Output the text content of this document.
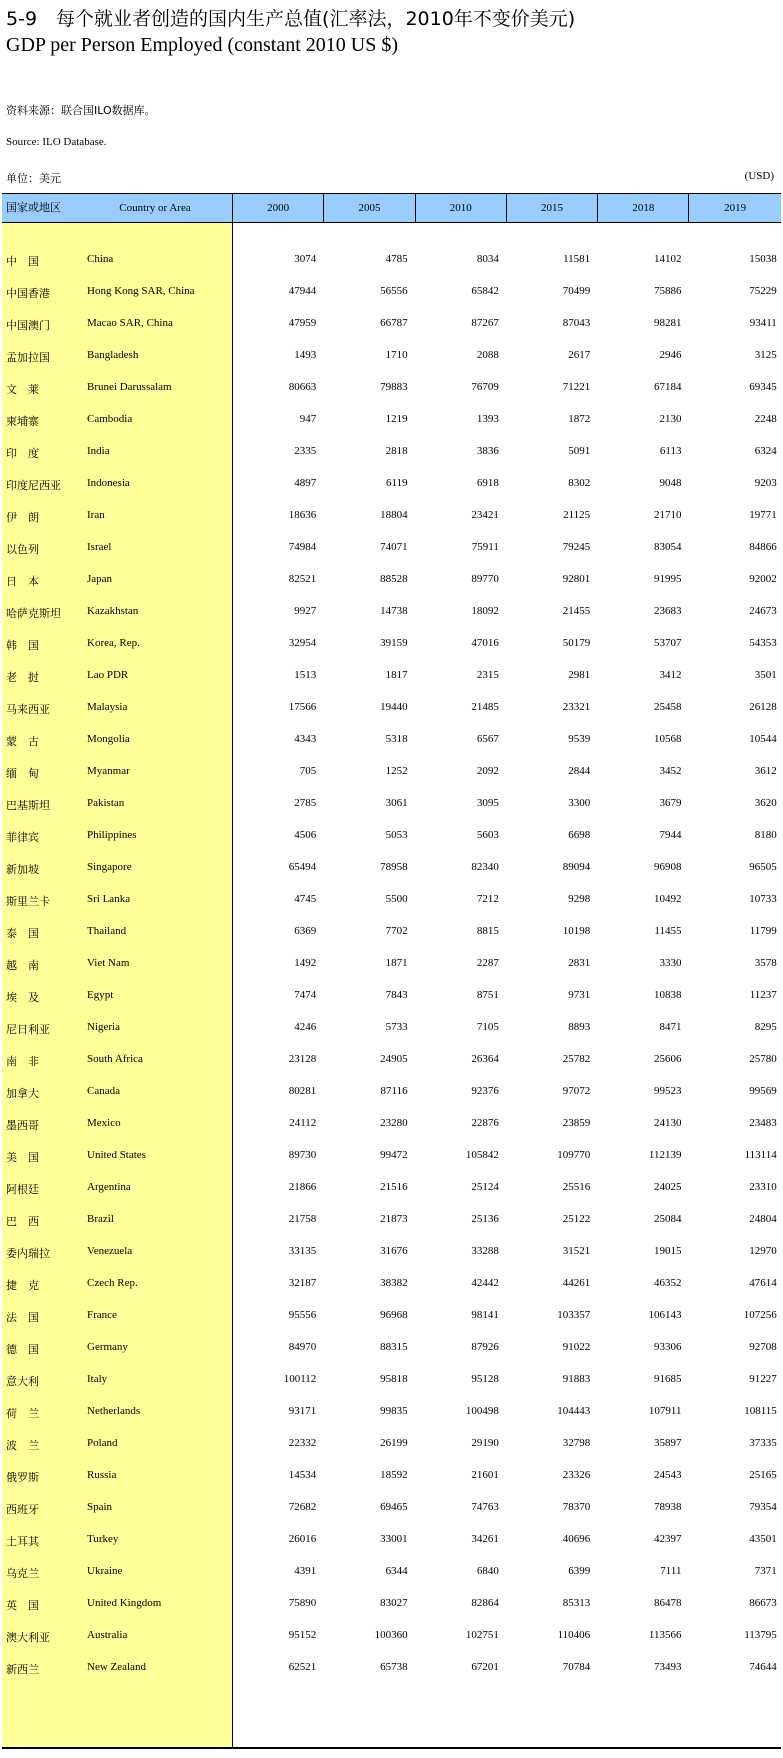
5-9　每个就业者创造的国内生产总值(汇率法，2010年不变价美元)
GDP per Person Employed (constant 2010 US $)
资料来源：联合国ILO数据库。
Source: ILO Database.
单位：美元	(USD)
国家或地区	Country or Area	2000	2005	2010	2015	2018	2019
中　国	China	3074	4785	8034	11581	14102	15038
中国香港	Hong Kong SAR, China	47944	56556	65842	70499	75886	75229
中国澳门	Macao SAR, China	47959	66787	87267	87043	98281	93411
孟加拉国	Bangladesh	1493	1710	2088	2617	2946	3125
文　莱	Brunei Darussalam	80663	79883	76709	71221	67184	69345
柬埔寨	Cambodia	947	1219	1393	1872	2130	2248
印　度	India	2335	2818	3836	5091	6113	6324
印度尼西亚	Indonesia	4897	6119	6918	8302	9048	9203
伊　朗	Iran	18636	18804	23421	21125	21710	19771
以色列	Israel	74984	74071	75911	79245	83054	84866
日　本	Japan	82521	88528	89770	92801	91995	92002
哈萨克斯坦	Kazakhstan	9927	14738	18092	21455	23683	24673
韩　国	Korea, Rep.	32954	39159	47016	50179	53707	54353
老　挝	Lao PDR	1513	1817	2315	2981	3412	3501
马来西亚	Malaysia	17566	19440	21485	23321	25458	26128
蒙　古	Mongolia	4343	5318	6567	9539	10568	10544
缅　甸	Myanmar	705	1252	2092	2844	3452	3612
巴基斯坦	Pakistan	2785	3061	3095	3300	3679	3620
菲律宾	Philippines	4506	5053	5603	6698	7944	8180
新加坡	Singapore	65494	78958	82340	89094	96908	96505
斯里兰卡	Sri Lanka	4745	5500	7212	9298	10492	10733
泰　国	Thailand	6369	7702	8815	10198	11455	11799
越　南	Viet Nam	1492	1871	2287	2831	3330	3578
埃　及	Egypt	7474	7843	8751	9731	10838	11237
尼日利亚	Nigeria	4246	5733	7105	8893	8471	8295
南　非	South Africa	23128	24905	26364	25782	25606	25780
加拿大	Canada	80281	87116	92376	97072	99523	99569
墨西哥	Mexico	24112	23280	22876	23859	24130	23483
美　国	United States	89730	99472	105842	109770	112139	113114
阿根廷	Argentina	21866	21516	25124	25516	24025	23310
巴　西	Brazil	21758	21873	25136	25122	25084	24804
委内瑞拉	Venezuela	33135	31676	33288	31521	19015	12970
捷　克	Czech Rep.	32187	38382	42442	44261	46352	47614
法　国	France	95556	96968	98141	103357	106143	107256
德　国	Germany	84970	88315	87926	91022	93306	92708
意大利	Italy	100112	95818	95128	91883	91685	91227
荷　兰	Netherlands	93171	99835	100498	104443	107911	108115
波　兰	Poland	22332	26199	29190	32798	35897	37335
俄罗斯	Russia	14534	18592	21601	23326	24543	25165
西班牙	Spain	72682	69465	74763	78370	78938	79354
土耳其	Turkey	26016	33001	34261	40696	42397	43501
乌克兰	Ukraine	4391	6344	6840	6399	7111	7371
英　国	United Kingdom	75890	83027	82864	85313	86478	86673
澳大利亚	Australia	95152	100360	102751	110406	113566	113795
新西兰	New Zealand	62521	65738	67201	70784	73493	74644
